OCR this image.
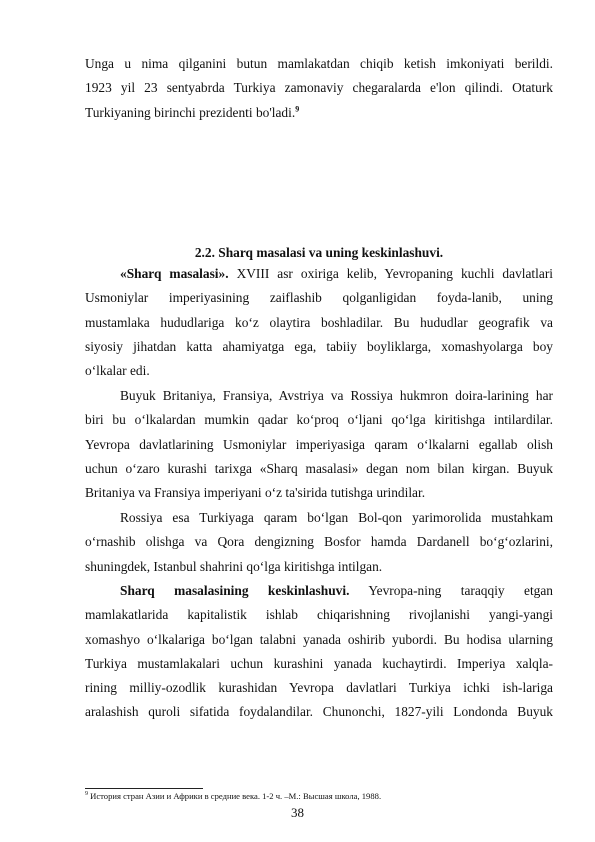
Unga u nima qilganini butun mamlakatdan chiqib ketish imkoniyati berildi.
1923 yil 23 sentyabrda Turkiya zamonaviy chegaralarda e'lon qilindi. Otaturk
Turkiyaning birinchi prezidenti bo'ladi.$^9$
2.2. Sharq masalasi va uning keskinlashuvi.
«Sharq masalasi». XVIII asr oxiriga kelib, Yevropaning kuchli davlatlari
Usmoniylar imperiyasining zaiflashib qolganligidan foyda-lanib, uning
mustamlaka hududlariga ko‘z olaytira boshladilar. Bu hududlar geografik va
siyosiy jihatdan katta ahamiyatga ega, tabiiy boyliklarga, xomashyolarga boy
o‘lkalar edi.
Buyuk Britaniya, Fransiya, Avstriya va Rossiya hukmron doira-larining har
biri bu o‘lkalardan mumkin qadar ko‘proq o‘ljani qo‘lga kiritishga intilardilar.
Yevropa davlatlarining Usmoniylar imperiyasiga qaram o‘lkalarni egallab olish
uchun o‘zaro kurashi tarixga «Sharq masalasi» degan nom bilan kirgan. Buyuk
Britaniya va Fransiya imperiyani o‘z ta'sirida tutishga urindilar.
Rossiya esa Turkiyaga qaram bo‘lgan Bol-qon yarimorolida mustahkam
o‘rnashib olishga va Qora dengizning Bosfor hamda Dardanell bo‘g‘ozlarini,
shuningdek, Istanbul shahrini qo‘lga kiritishga intilgan.
Sharq masalasining keskinlashuvi. Yevropa-ning taraqqiy etgan
mamlakatlarida kapitalistik ishlab chiqarishning rivojlanishi yangi-yangi
xomashyo o‘lkalariga bo‘lgan talabni yanada oshirib yubordi. Bu hodisa ularning
Turkiya mustamlakalari uchun kurashini yanada kuchaytirdi. Imperiya xalqla-
rining milliy-ozodlik kurashidan Yevropa davlatlari Turkiya ichki ish-lariga
aralashish quroli sifatida foydalandilar. Chunonchi, 1827-yili Londonda Buyuk
$^9$ История стран Азии и Африки в средние века. 1-2 ч. –М.: Высшая школа, 1988.
38
